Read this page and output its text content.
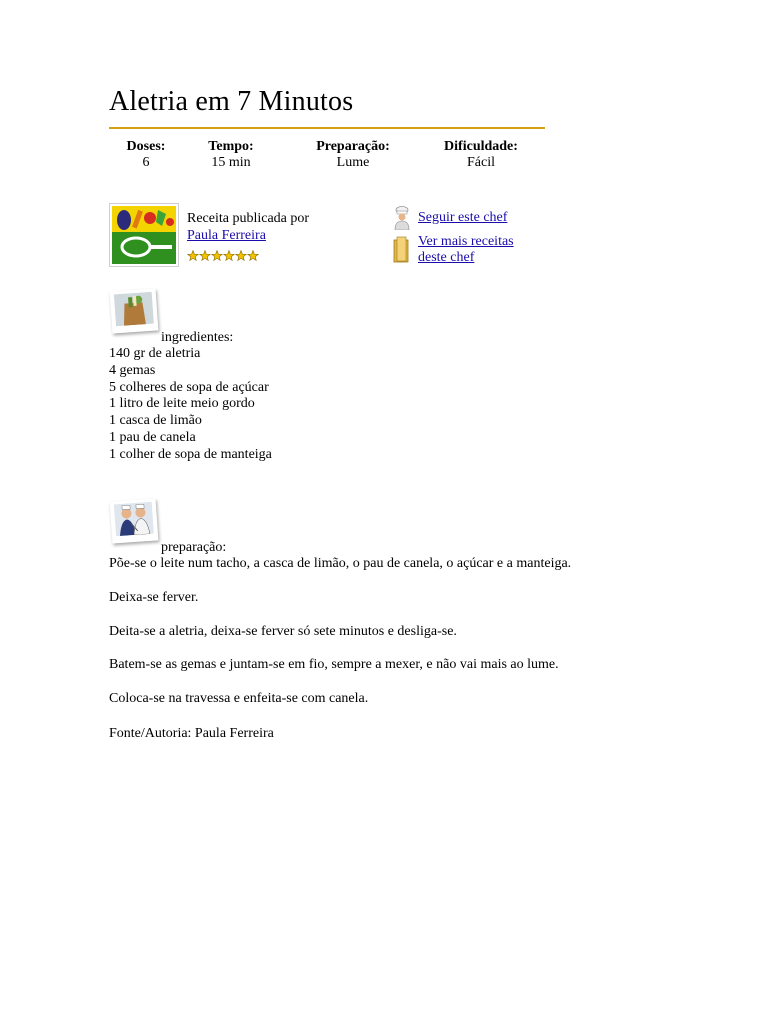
Aletria em 7 Minutos
Doses:
6
Tempo:
15 min
Preparação:
Lume
Dificuldade:
Fácil
Receita publicada por
Paula Ferreira
Seguir este chef
Ver mais receitas
deste chef
ingredientes:
140 gr de aletria
4 gemas
5 colheres de sopa de açúcar
1 litro de leite meio gordo
1 casca de limão
1 pau de canela
1 colher de sopa de manteiga
preparação:

Põe-se o leite num tacho, a casca de limão, o pau de canela, o açúcar e a manteiga.

Deixa-se ferver.

Deita-se a aletria, deixa-se ferver só sete minutos e desliga-se.

Batem-se as gemas e juntam-se em fio, sempre a mexer, e não vai mais ao lume.

Coloca-se na travessa e enfeita-se com canela.

Fonte/Autoria: Paula Ferreira
